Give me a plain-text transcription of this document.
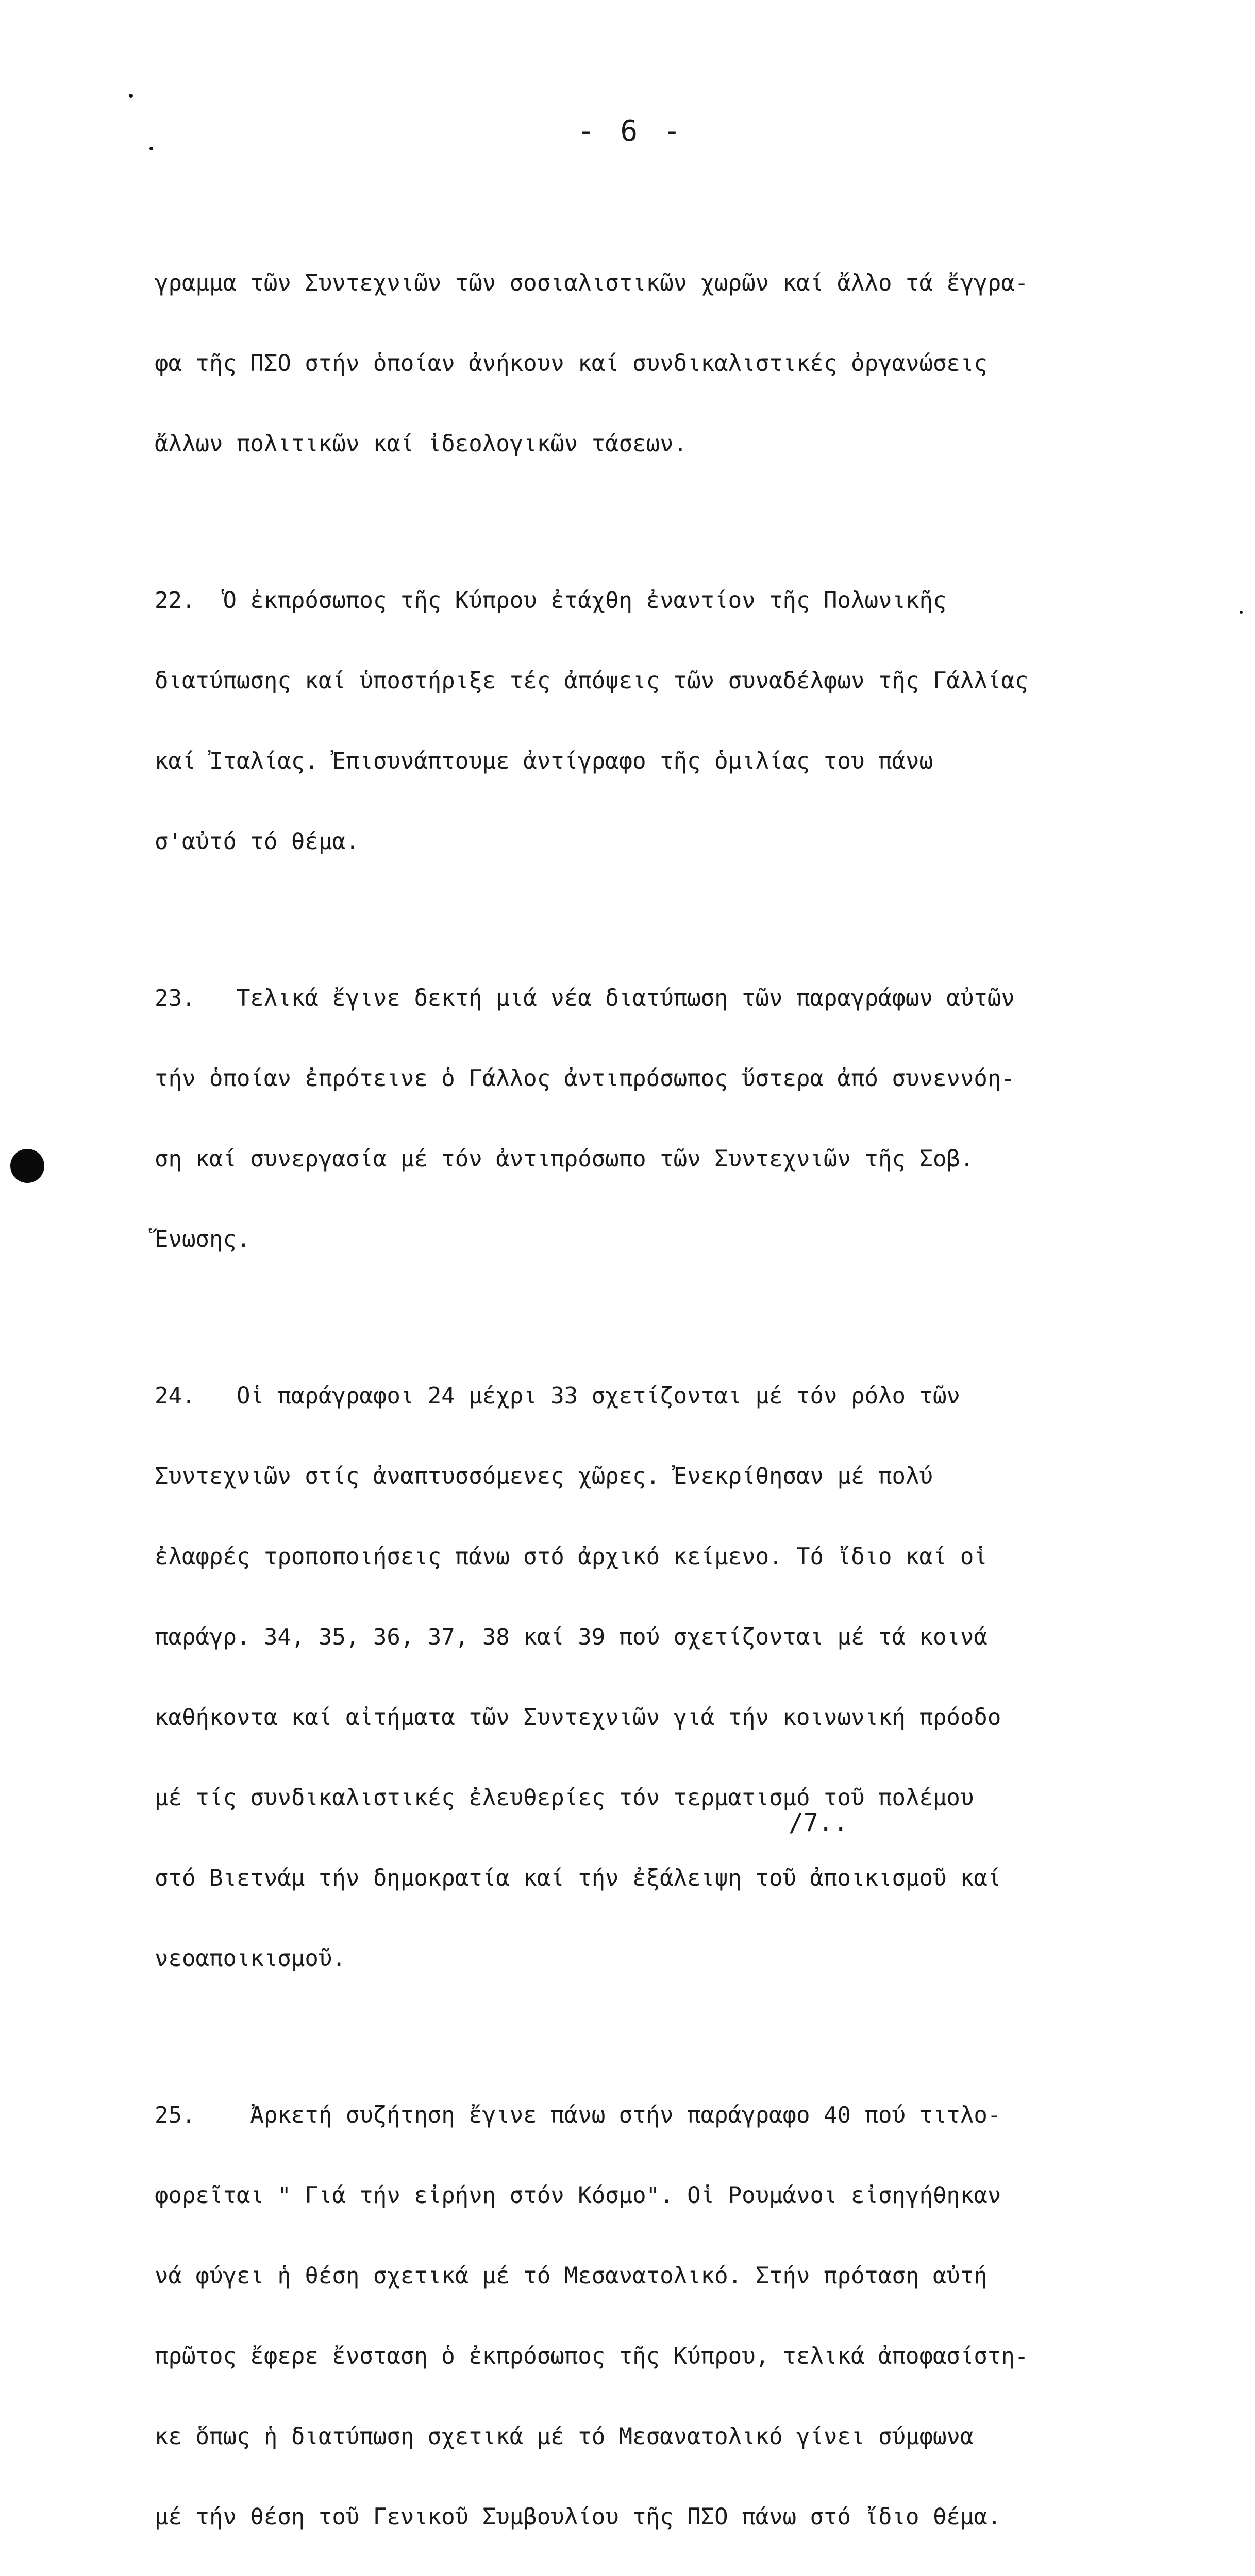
- 6 -

γραμμα τῶν Συντεχνιῶν τῶν σοσιαλιστικῶν χωρῶν καί ἄλλο τά ἔγγρα-

φα τῆς ΠΣΟ στήν ὁποίαν ἀνήκουν καί συνδικαλιστικές ὀργανώσεις

ἄλλων πολιτικῶν καί ἰδεολογικῶν τάσεων.

22.  Ὁ ἐκπρόσωπος τῆς Κύπρου ἐτάχθη ἐναντίον τῆς Πολωνικῆς

διατύπωσης καί ὑποστήριξε τές ἀπόψεις τῶν συναδέλφων τῆς Γάλλίας

καί Ἰταλίας. Ἐπισυνάπτουμε ἀντίγραφο τῆς ὁμιλίας του πάνω

σ'αὐτό τό θέμα.

23.   Τελικά ἔγινε δεκτή μιά νέα διατύπωση τῶν παραγράφων αὐτῶν

τήν ὁποίαν ἐπρότεινε ὁ Γάλλος ἀντιπρόσωπος ὕστερα ἀπό συνεννόη-

ση καί συνεργασία μέ τόν ἀντιπρόσωπο τῶν Συντεχνιῶν τῆς Σοβ.

Ἕνωσης.

24.   Οἱ παράγραφοι 24 μέχρι 33 σχετίζονται μέ τόν ρόλο τῶν

Συντεχνιῶν στίς ἀναπτυσσόμενες χῶρες. Ἐνεκρίθησαν μέ πολύ

ἐλαφρές τροποποιήσεις πάνω στό ἀρχικό κείμενο. Τό ἴδιο καί οἱ

παράγρ. 34, 35, 36, 37, 38 καί 39 πού σχετίζονται μέ τά κοινά

καθήκοντα καί αἰτήματα τῶν Συντεχνιῶν γιά τήν κοινωνική πρόοδο

μέ τίς συνδικαλιστικές ἐλευθερίες τόν τερματισμό τοῦ πολέμου

στό Βιετνάμ τήν δημοκρατία καί τήν ἐξάλειψη τοῦ ἀποικισμοῦ καί

νεοαποικισμοῦ.

25.    Ἀρκετή συζήτηση ἔγινε πάνω στήν παράγραφο 40 πού τιτλο-

φορεῖται " Γιά τήν εἰρήνη στόν Κόσμο". Οἱ Ρουμάνοι εἰσηγήθηκαν

νά φύγει ἡ θέση σχετικά μέ τό Μεσανατολικό. Στήν πρόταση αὐτή

πρῶτος ἔφερε ἔνσταση ὁ ἐκπρόσωπος τῆς Κύπρου, τελικά ἀποφασίστη-

κε ὅπως ἡ διατύπωση σχετικά μέ τό Μεσανατολικό γίνει σύμφωνα

μέ τήν θέση τοῦ Γενικοῦ Συμβουλίου τῆς ΠΣΟ πάνω στό ἴδιο θέμα.

/7..
